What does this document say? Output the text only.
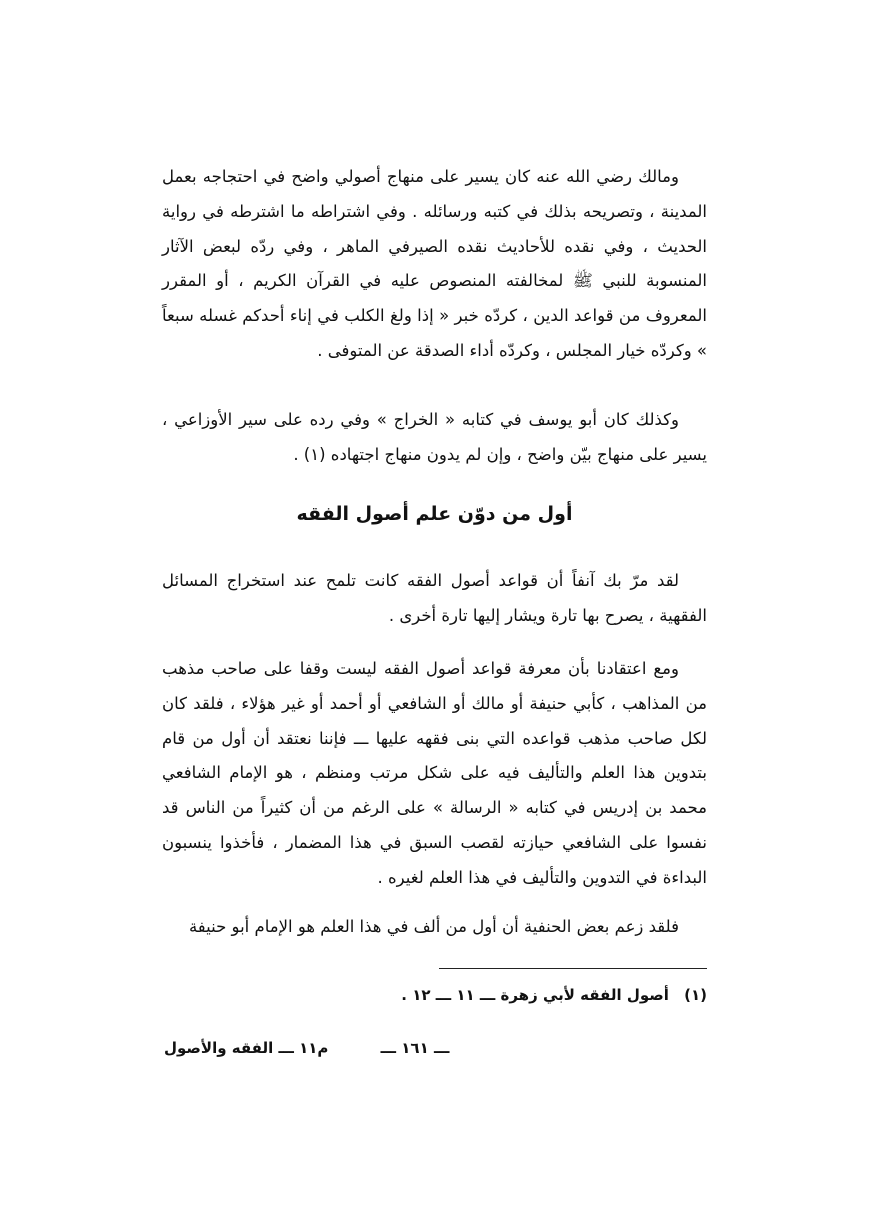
ومالك رضي الله عنه كان يسير على منهاج أصولي واضح في احتجاجه بعمل المدينة ، وتصريحه بذلك في كتبه ورسائله . وفي اشتراطه ما اشترطه في رواية الحديث ، وفي نقده للأحاديث نقده الصيرفي الماهر ، وفي ردّه لبعض الآثار المنسوبة للنبي ﷺ لمخالفته المنصوص عليه في القرآن الكريم ، أو المقرر المعروف من قواعد الدين ، كردّه خبر « إذا ولغ الكلب في إناء أحدكم غسله سبعاً » وكردّه خيار المجلس ، وكردّه أداء الصدقة عن المتوفى .

وكذلك كان أبو يوسف في كتابه « الخراج » وفي رده على سير الأوزاعي ، يسير على منهاج بيّن واضح ، وإن لم يدون منهاج اجتهاده (١) .

أول من دوّن علم أصول الفقه

لقد مرّ بك آنفاً أن قواعد أصول الفقه كانت تلمح عند استخراج المسائل الفقهية ، يصرح بها تارة ويشار إليها تارة أخرى .

ومع اعتقادنا بأن معرفة قواعد أصول الفقه ليست وقفا على صاحب مذهب من المذاهب ، كأبي حنيفة أو مالك أو الشافعي أو أحمد أو غير هؤلاء ، فلقد كان لكل صاحب مذهب قواعده التي بنى فقهه عليها ـــ فإننا نعتقد أن أول من قام بتدوين هذا العلم والتأليف فيه على شكل مرتب ومنظم ، هو الإمام الشافعي محمد بن إدريس في كتابه « الرسالة » على الرغم من أن كثيراً من الناس قد نفسوا على الشافعي حيازته لقصب السبق في هذا المضمار ، فأخذوا ينسبون البداءة في التدوين والتأليف في هذا العلم لغيره .

فلقد زعم بعض الحنفية أن أول من ألف في هذا العلم هو الإمام أبو حنيفة

(١) أصول الفقه لأبي زهرة ـــ ١١ ـــ ١٢ .
ـــ ١٦١ ـــ
م١١ ـــ الفقه والأصول
